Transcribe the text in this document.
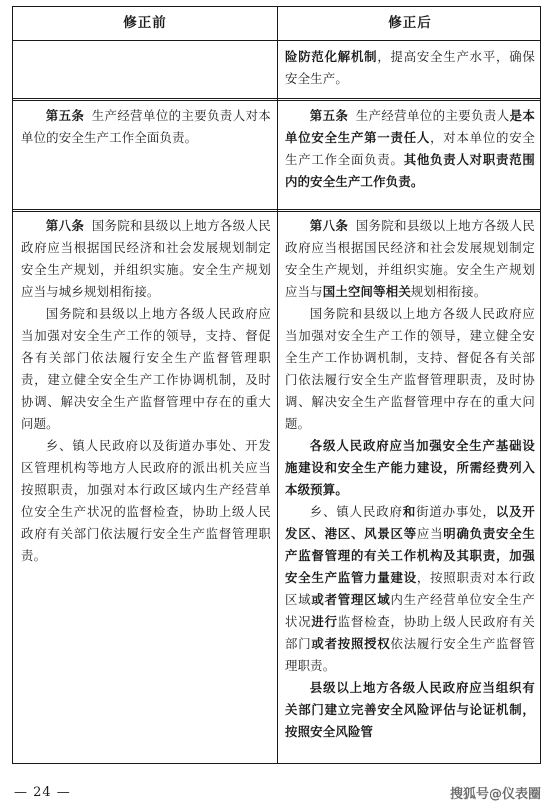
修正前	修正后

险防范化解机制，提高安全生产水平，确保安全生产。

第五条 生产经营单位的主要负责人对本单位的安全生产工作全面负责。

第五条 生产经营单位的主要负责人是本单位安全生产第一责任人，对本单位的安全生产工作全面负责。其他负责人对职责范围内的安全生产工作负责。

第八条 国务院和县级以上地方各级人民政府应当根据国民经济和社会发展规划制定安全生产规划，并组织实施。安全生产规划应当与城乡规划相衔接。

国务院和县级以上地方各级人民政府应当加强对安全生产工作的领导，支持、督促各有关部门依法履行安全生产监督管理职责，建立健全安全生产工作协调机制，及时协调、解决安全生产监督管理中存在的重大问题。

乡、镇人民政府以及街道办事处、开发区管理机构等地方人民政府的派出机关应当按照职责，加强对本行政区域内生产经营单位安全生产状况的监督检查，协助上级人民政府有关部门依法履行安全生产监督管理职责。

第八条 国务院和县级以上地方各级人民政府应当根据国民经济和社会发展规划制定安全生产规划，并组织实施。安全生产规划应当与国土空间等相关规划相衔接。

国务院和县级以上地方各级人民政府应当加强对安全生产工作的领导，建立健全安全生产工作协调机制，支持、督促各有关部门依法履行安全生产监督管理职责，及时协调、解决安全生产监督管理中存在的重大问题。

各级人民政府应当加强安全生产基础设施建设和安全生产能力建设，所需经费列入本级预算。

乡、镇人民政府和街道办事处，以及开发区、港区、风景区等应当明确负责安全生产监督管理的有关工作机构及其职责，加强安全生产监管力量建设，按照职责对本行政区域或者管理区域内生产经营单位安全生产状况进行监督检查，协助上级人民政府有关部门或者按照授权依法履行安全生产监督管理职责。

县级以上地方各级人民政府应当组织有关部门建立完善安全风险评估与论证机制，按照安全风险管

— 24 —	搜狐号@仪表圈
